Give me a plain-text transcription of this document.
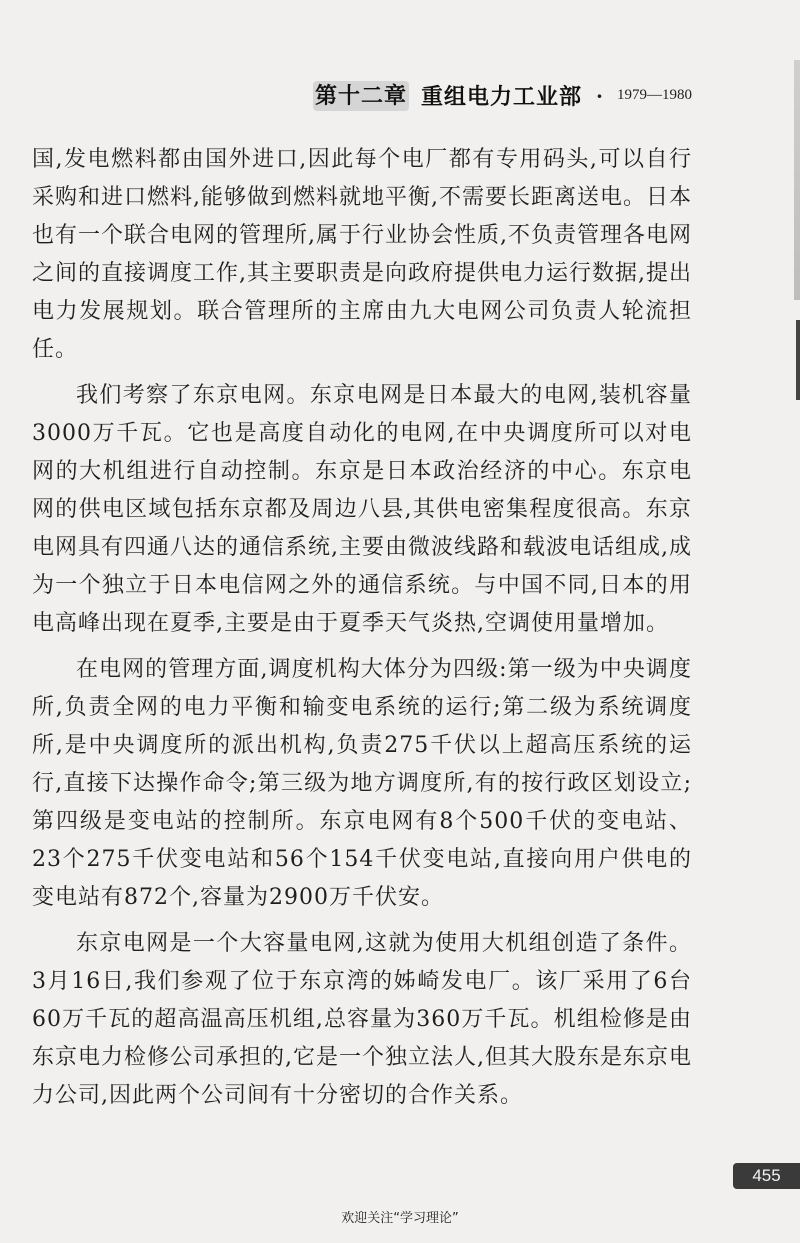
第十二章 重组电力工业部 · 1979—1980

国,发电燃料都由国外进口,因此每个电厂都有专用码头,可以自行采购和进口燃料,能够做到燃料就地平衡,不需要长距离送电。日本也有一个联合电网的管理所,属于行业协会性质,不负责管理各电网之间的直接调度工作,其主要职责是向政府提供电力运行数据,提出电力发展规划。联合管理所的主席由九大电网公司负责人轮流担任。

我们考察了东京电网。东京电网是日本最大的电网,装机容量3000万千瓦。它也是高度自动化的电网,在中央调度所可以对电网的大机组进行自动控制。东京是日本政治经济的中心。东京电网的供电区域包括东京都及周边八县,其供电密集程度很高。东京电网具有四通八达的通信系统,主要由微波线路和载波电话组成,成为一个独立于日本电信网之外的通信系统。与中国不同,日本的用电高峰出现在夏季,主要是由于夏季天气炎热,空调使用量增加。

在电网的管理方面,调度机构大体分为四级:第一级为中央调度所,负责全网的电力平衡和输变电系统的运行;第二级为系统调度所,是中央调度所的派出机构,负责275千伏以上超高压系统的运行,直接下达操作命令;第三级为地方调度所,有的按行政区划设立;第四级是变电站的控制所。东京电网有8个500千伏的变电站、23个275千伏变电站和56个154千伏变电站,直接向用户供电的变电站有872个,容量为2900万千伏安。

东京电网是一个大容量电网,这就为使用大机组创造了条件。3月16日,我们参观了位于东京湾的姊崎发电厂。该厂采用了6台60万千瓦的超高温高压机组,总容量为360万千瓦。机组检修是由东京电力检修公司承担的,它是一个独立法人,但其大股东是东京电力公司,因此两个公司间有十分密切的合作关系。

455
欢迎关注“学习理论”
